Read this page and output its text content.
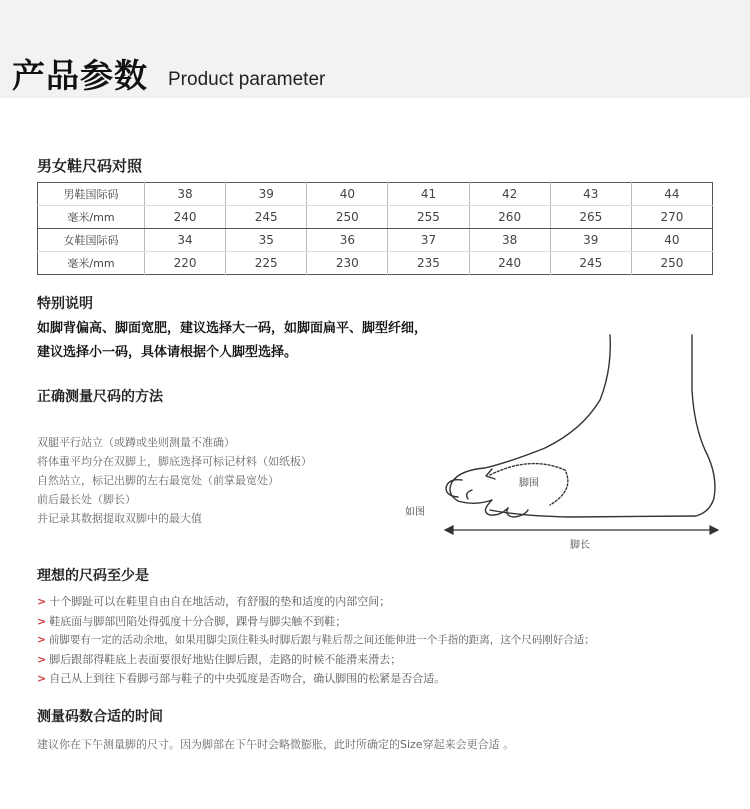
产品参数 Product parameter
男女鞋尺码对照
男鞋国际码	38	39	40	41	42	43	44
毫米/mm	240	245	250	255	260	265	270
女鞋国际码	34	35	36	37	38	39	40
毫米/mm	220	225	230	235	240	245	250
特别说明
如脚背偏高、脚面宽肥，建议选择大一码，如脚面扁平、脚型纤细，
建议选择小一码，具体请根据个人脚型选择。
正确测量尺码的方法
双腿平行站立（或蹲或坐则测量不准确）
将体重平均分在双脚上，脚底选择可标记材料（如纸板）
自然站立，标记出脚的左右最宽处（前掌最宽处）
前后最长处（脚长）
并记录其数据提取双脚中的最大值
脚围
如图
脚长
理想的尺码至少是
> 十个脚趾可以在鞋里自由自在地活动，有舒服的垫和适度的内部空间；
> 鞋底面与脚部凹陷处得弧度十分合脚，踝骨与脚尖触不到鞋；
> 前脚要有一定的活动余地，如果用脚尖顶住鞋头时脚后跟与鞋后帮之间还能伸进一个手指的距离，这个尺码刚好合适；
> 脚后跟部得鞋底上表面要很好地贴住脚后跟，走路的时候不能滑来滑去；
> 自己从上到往下看脚弓部与鞋子的中央弧度是否吻合，确认脚围的松紧是否合适。
测量码数合适的时间
建议你在下午测量脚的尺寸。因为脚部在下午时会略微膨胀，此时所确定的Size穿起来会更合适 。
